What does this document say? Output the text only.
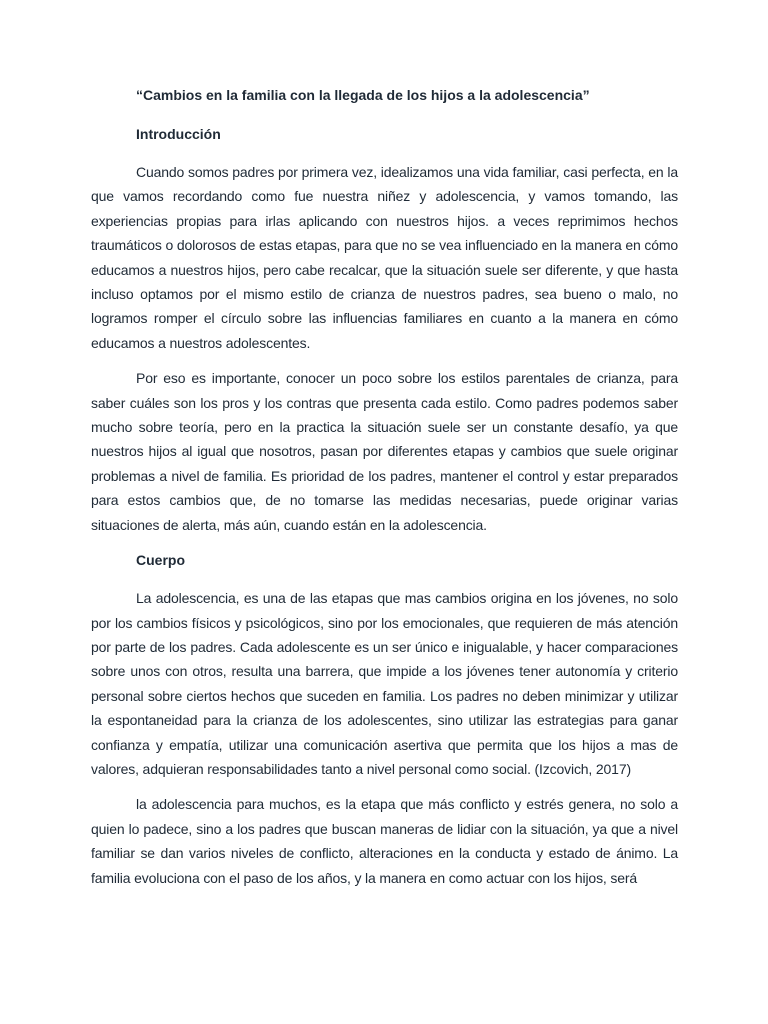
“Cambios en la familia con la llegada de los hijos a la adolescencia”

Introducción

Cuando somos padres por primera vez, idealizamos una vida familiar, casi perfecta, en la que vamos recordando como fue nuestra niñez y adolescencia, y vamos tomando, las experiencias propias para irlas aplicando con nuestros hijos. a veces reprimimos hechos traumáticos o dolorosos de estas etapas, para que no se vea influenciado en la manera en cómo educamos a nuestros hijos, pero cabe recalcar, que la situación suele ser diferente, y que hasta incluso optamos por el mismo estilo de crianza de nuestros padres, sea bueno o malo, no logramos romper el círculo sobre las influencias familiares en cuanto a la manera en cómo educamos a nuestros adolescentes.

Por eso es importante, conocer un poco sobre los estilos parentales de crianza, para saber cuáles son los pros y los contras que presenta cada estilo. Como padres podemos saber mucho sobre teoría, pero en la practica la situación suele ser un constante desafío, ya que nuestros hijos al igual que nosotros, pasan por diferentes etapas y cambios que suele originar problemas a nivel de familia. Es prioridad de los padres, mantener el control y estar preparados para estos cambios que, de no tomarse las medidas necesarias, puede originar varias situaciones de alerta, más aún, cuando están en la adolescencia.

Cuerpo

La adolescencia, es una de las etapas que mas cambios origina en los jóvenes, no solo por los cambios físicos y psicológicos, sino por los emocionales, que requieren de más atención por parte de los padres. Cada adolescente es un ser único e inigualable, y hacer comparaciones sobre unos con otros, resulta una barrera, que impide a los jóvenes tener autonomía y criterio personal sobre ciertos hechos que suceden en familia. Los padres no deben minimizar y utilizar la espontaneidad para la crianza de los adolescentes, sino utilizar las estrategias para ganar confianza y empatía, utilizar una comunicación asertiva que permita que los hijos a mas de valores, adquieran responsabilidades tanto a nivel personal como social. (Izcovich, 2017)

la adolescencia para muchos, es la etapa que más conflicto y estrés genera, no solo a quien lo padece, sino a los padres que buscan maneras de lidiar con la situación, ya que a nivel familiar se dan varios niveles de conflicto, alteraciones en la conducta y estado de ánimo. La familia evoluciona con el paso de los años, y la manera en como actuar con los hijos, será
